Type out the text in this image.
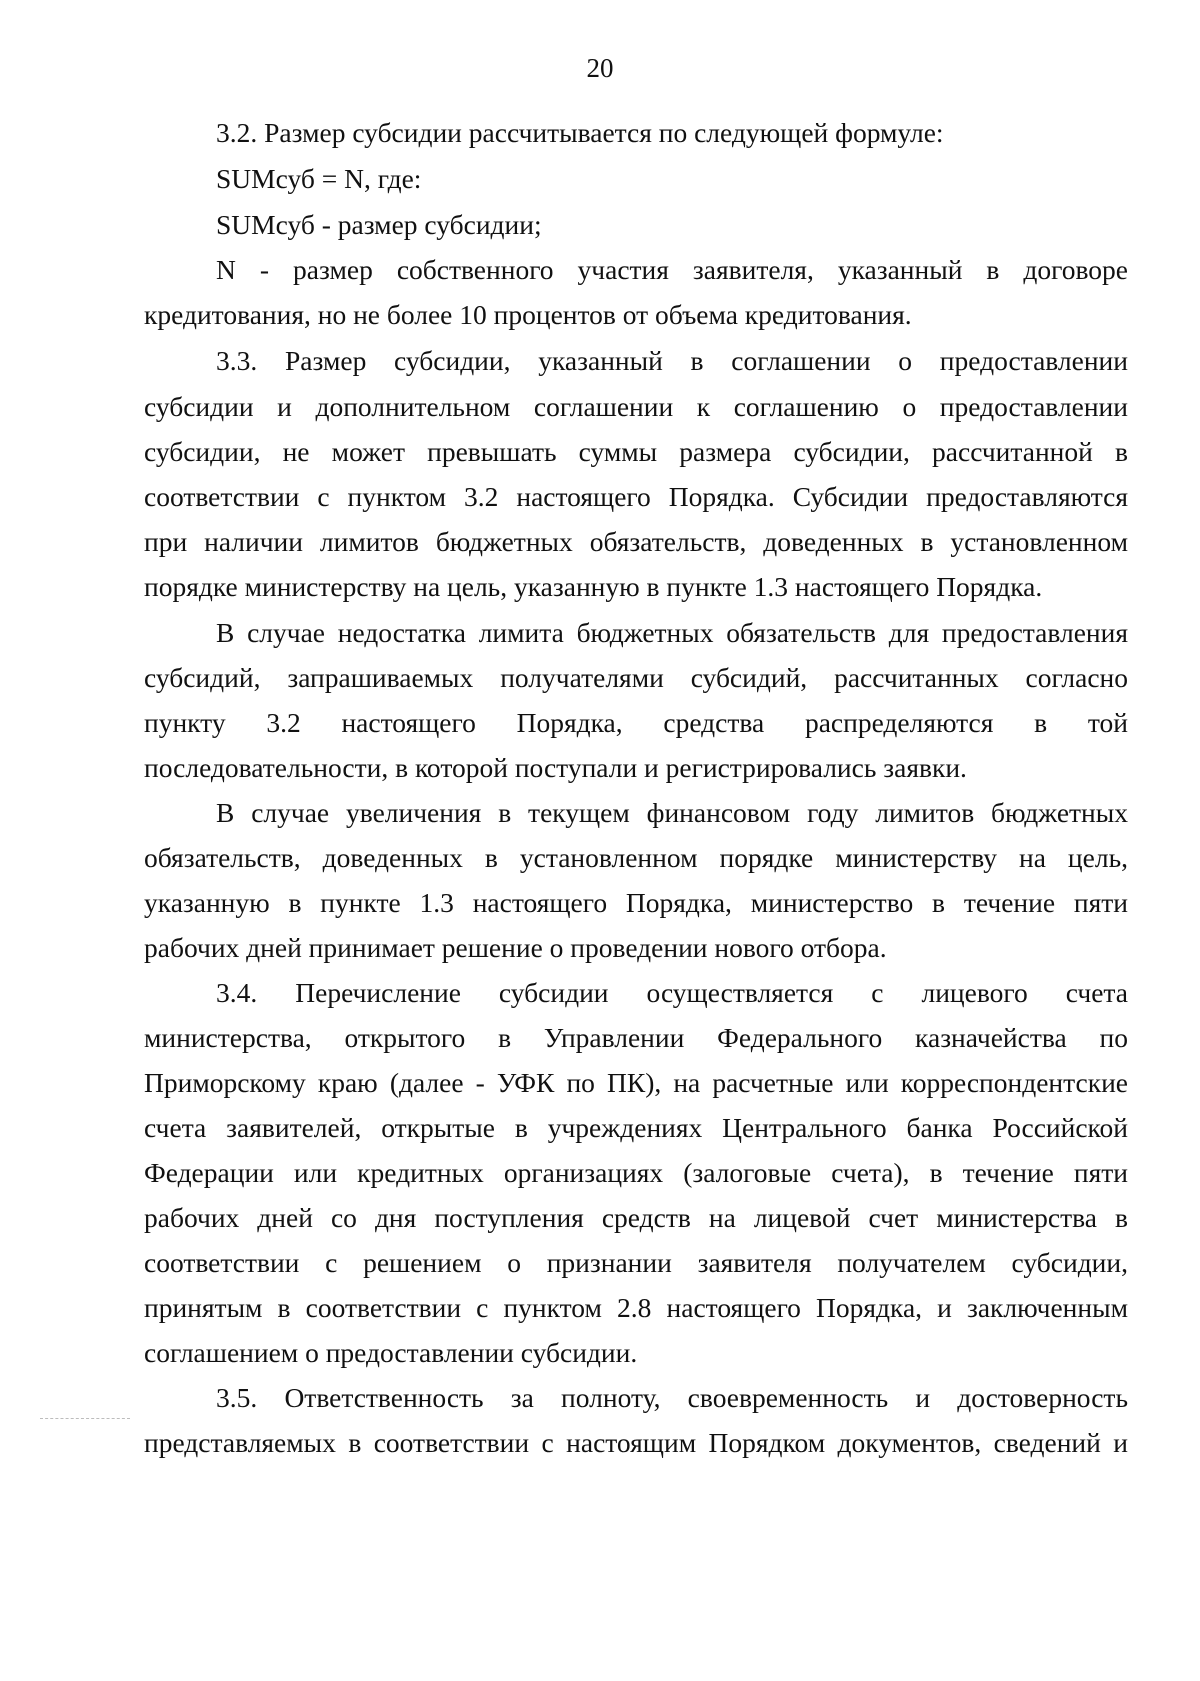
20
3.2. Размер субсидии рассчитывается по следующей формуле:
SUMсуб = N, где:
SUMсуб - размер субсидии;
N - размер собственного участия заявителя, указанный в договоре
кредитования, но не более 10 процентов от объема кредитования.
3.3. Размер субсидии, указанный в соглашении о предоставлении
субсидии и дополнительном соглашении к соглашению о предоставлении
субсидии, не может превышать суммы размера субсидии, рассчитанной в
соответствии с пунктом 3.2 настоящего Порядка. Субсидии предоставляются
при наличии лимитов бюджетных обязательств, доведенных в установленном
порядке министерству на цель, указанную в пункте 1.3 настоящего Порядка.
В случае недостатка лимита бюджетных обязательств для предоставления
субсидий, запрашиваемых получателями субсидий, рассчитанных согласно
пункту 3.2 настоящего Порядка, средства распределяются в той
последовательности, в которой поступали и регистрировались заявки.
В случае увеличения в текущем финансовом году лимитов бюджетных
обязательств, доведенных в установленном порядке министерству на цель,
указанную в пункте 1.3 настоящего Порядка, министерство в течение пяти
рабочих дней принимает решение о проведении нового отбора.
3.4. Перечисление субсидии осуществляется с лицевого счета
министерства, открытого в Управлении Федерального казначейства по
Приморскому краю (далее - УФК по ПК), на расчетные или корреспондентские
счета заявителей, открытые в учреждениях Центрального банка Российской
Федерации или кредитных организациях (залоговые счета), в течение пяти
рабочих дней со дня поступления средств на лицевой счет министерства в
соответствии с решением о признании заявителя получателем субсидии,
принятым в соответствии с пунктом 2.8 настоящего Порядка, и заключенным
соглашением о предоставлении субсидии.
3.5. Ответственность за полноту, своевременность и достоверность
представляемых в соответствии с настоящим Порядком документов, сведений и
